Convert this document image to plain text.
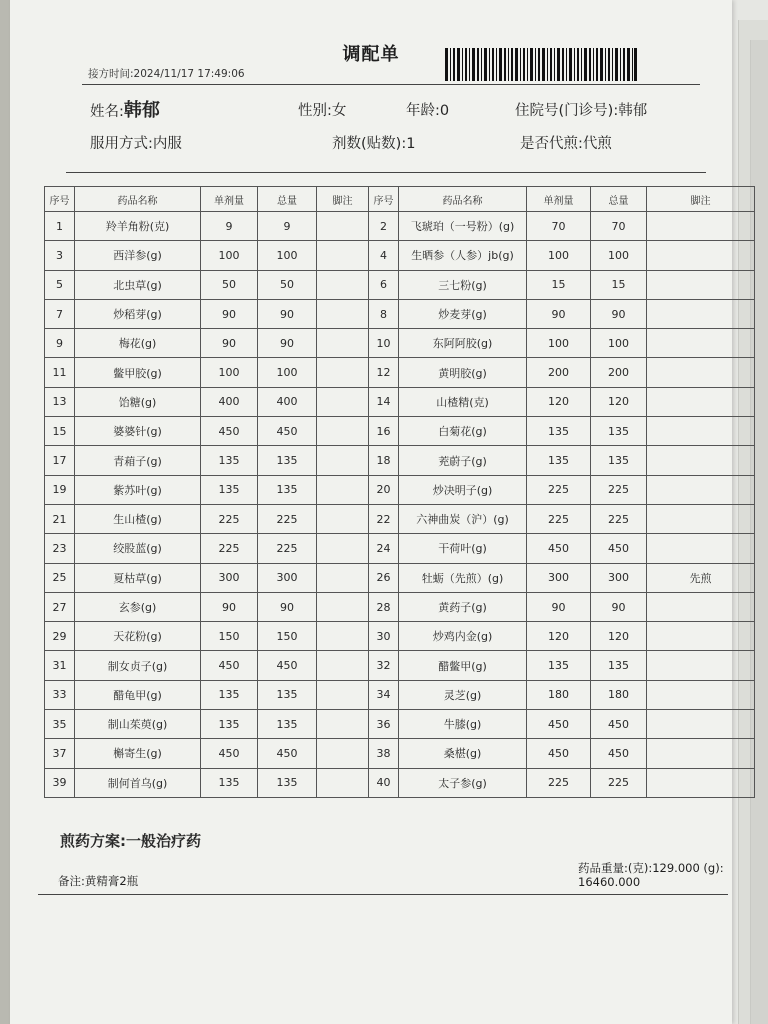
调配单
接方时间:2024/11/17 17:49:06
姓名:韩郁	性别:女	年龄:0	住院号(门诊号):韩郁
服用方式:内服	剂数(贴数):1	是否代煎:代煎
序号	药品名称	单剂量	总量	脚注	序号	药品名称	单剂量	总量	脚注
1	羚羊角粉(克)	9	9		2	飞琥珀（一号粉）(g)	70	70	
3	西洋参(g)	100	100		4	生晒参（人参）jb(g)	100	100	
5	北虫草(g)	50	50		6	三七粉(g)	15	15	
7	炒稻芽(g)	90	90		8	炒麦芽(g)	90	90	
9	梅花(g)	90	90		10	东阿阿胶(g)	100	100	
11	鳖甲胶(g)	100	100		12	黄明胶(g)	200	200	
13	饴糖(g)	400	400		14	山楂精(克)	120	120	
15	婆婆针(g)	450	450		16	白菊花(g)	135	135	
17	青葙子(g)	135	135		18	茺蔚子(g)	135	135	
19	紫苏叶(g)	135	135		20	炒决明子(g)	225	225	
21	生山楂(g)	225	225		22	六神曲炭（沪）(g)	225	225	
23	绞股蓝(g)	225	225		24	干荷叶(g)	450	450	
25	夏枯草(g)	300	300		26	牡蛎（先煎）(g)	300	300	先煎
27	玄参(g)	90	90		28	黄药子(g)	90	90	
29	天花粉(g)	150	150		30	炒鸡内金(g)	120	120	
31	制女贞子(g)	450	450		32	醋鳖甲(g)	135	135	
33	醋龟甲(g)	135	135		34	灵芝(g)	180	180	
35	制山茱萸(g)	135	135		36	牛膝(g)	450	450	
37	槲寄生(g)	450	450		38	桑椹(g)	450	450	
39	制何首乌(g)	135	135		40	太子参(g)	225	225	
煎药方案:一般治疗药
备注:黄精膏2瓶
药品重量:(克):129.000 (g):16460.000
